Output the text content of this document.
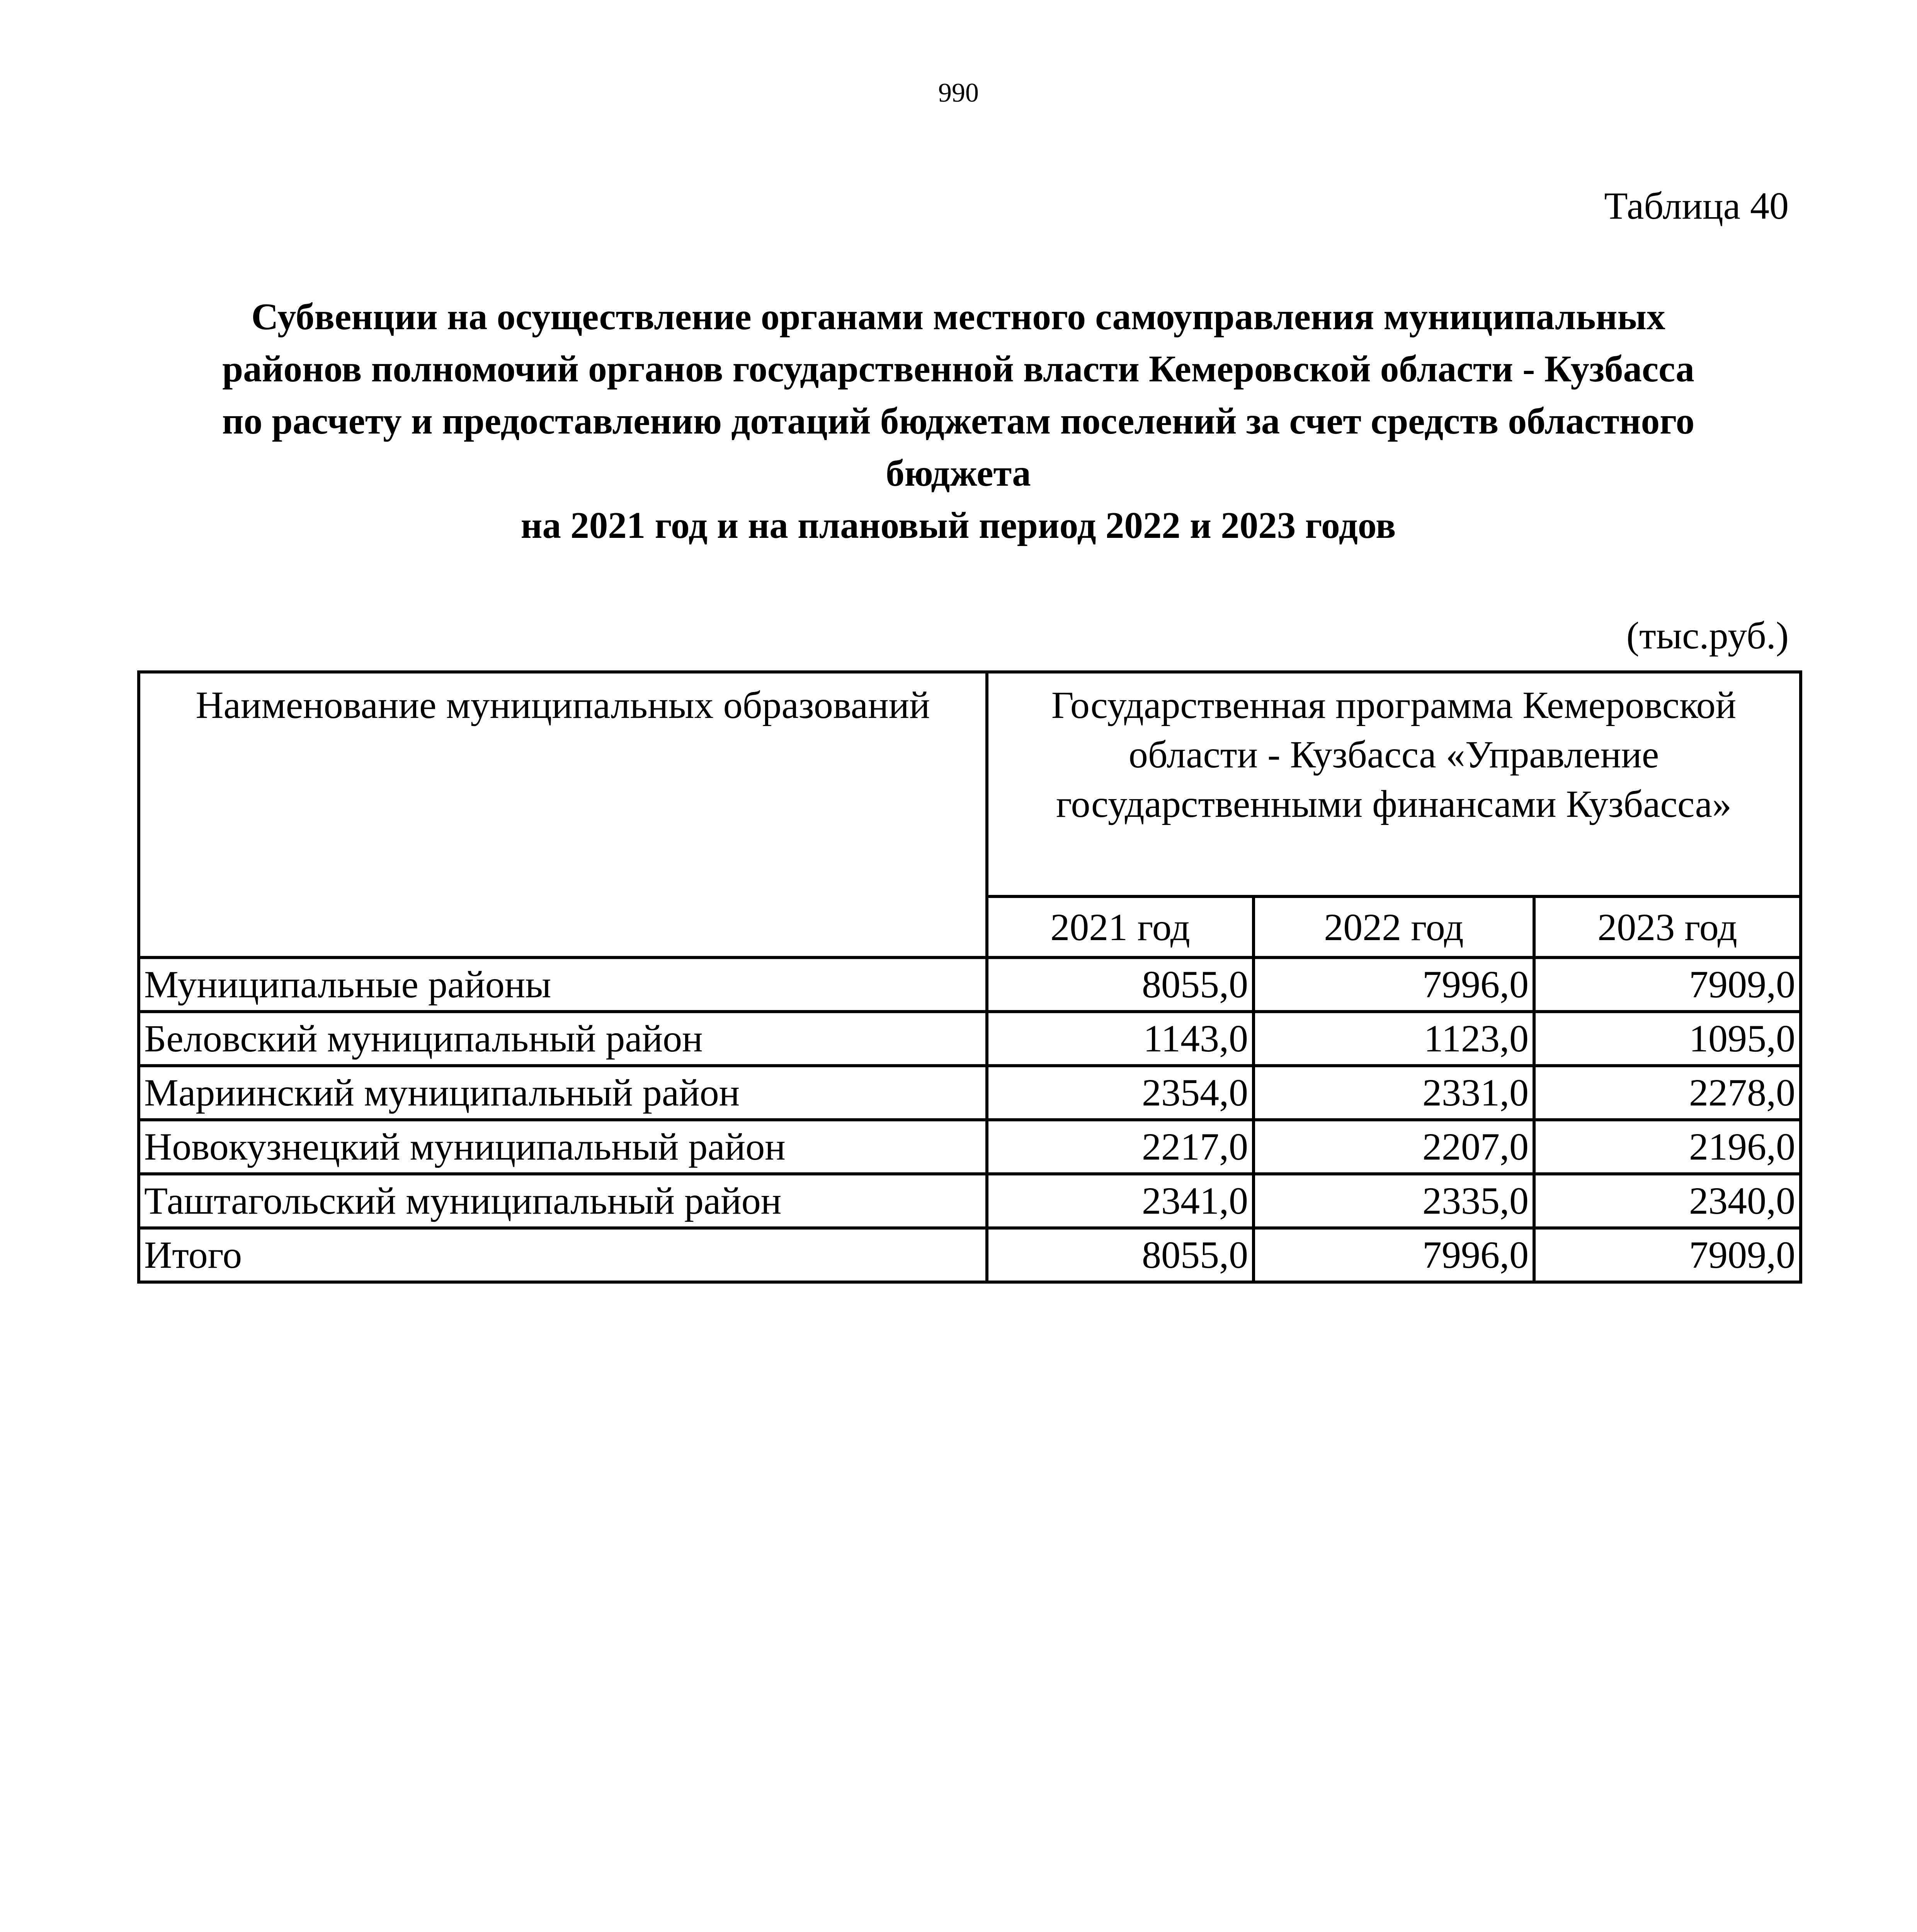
990
Таблица 40
Субвенции на осуществление органами местного самоуправления муниципальных
районов полномочий органов государственной власти Кемеровской области - Кузбасса
по расчету и предоставлению дотаций бюджетам поселений за счет средств областного
бюджета
на 2021 год и на плановый период 2022 и 2023 годов
(тыс.руб.)
Наименование муниципальных образований	Государственная программа Кемеровской области - Кузбасса «Управление государственными финансами Кузбасса»		
	2021 год	2022 год	2023 год
Муниципальные районы	8055,0	7996,0	7909,0
Беловский муниципальный район	1143,0	1123,0	1095,0
Мариинский муниципальный район	2354,0	2331,0	2278,0
Новокузнецкий муниципальный район	2217,0	2207,0	2196,0
Таштагольский муниципальный район	2341,0	2335,0	2340,0
Итого	8055,0	7996,0	7909,0
